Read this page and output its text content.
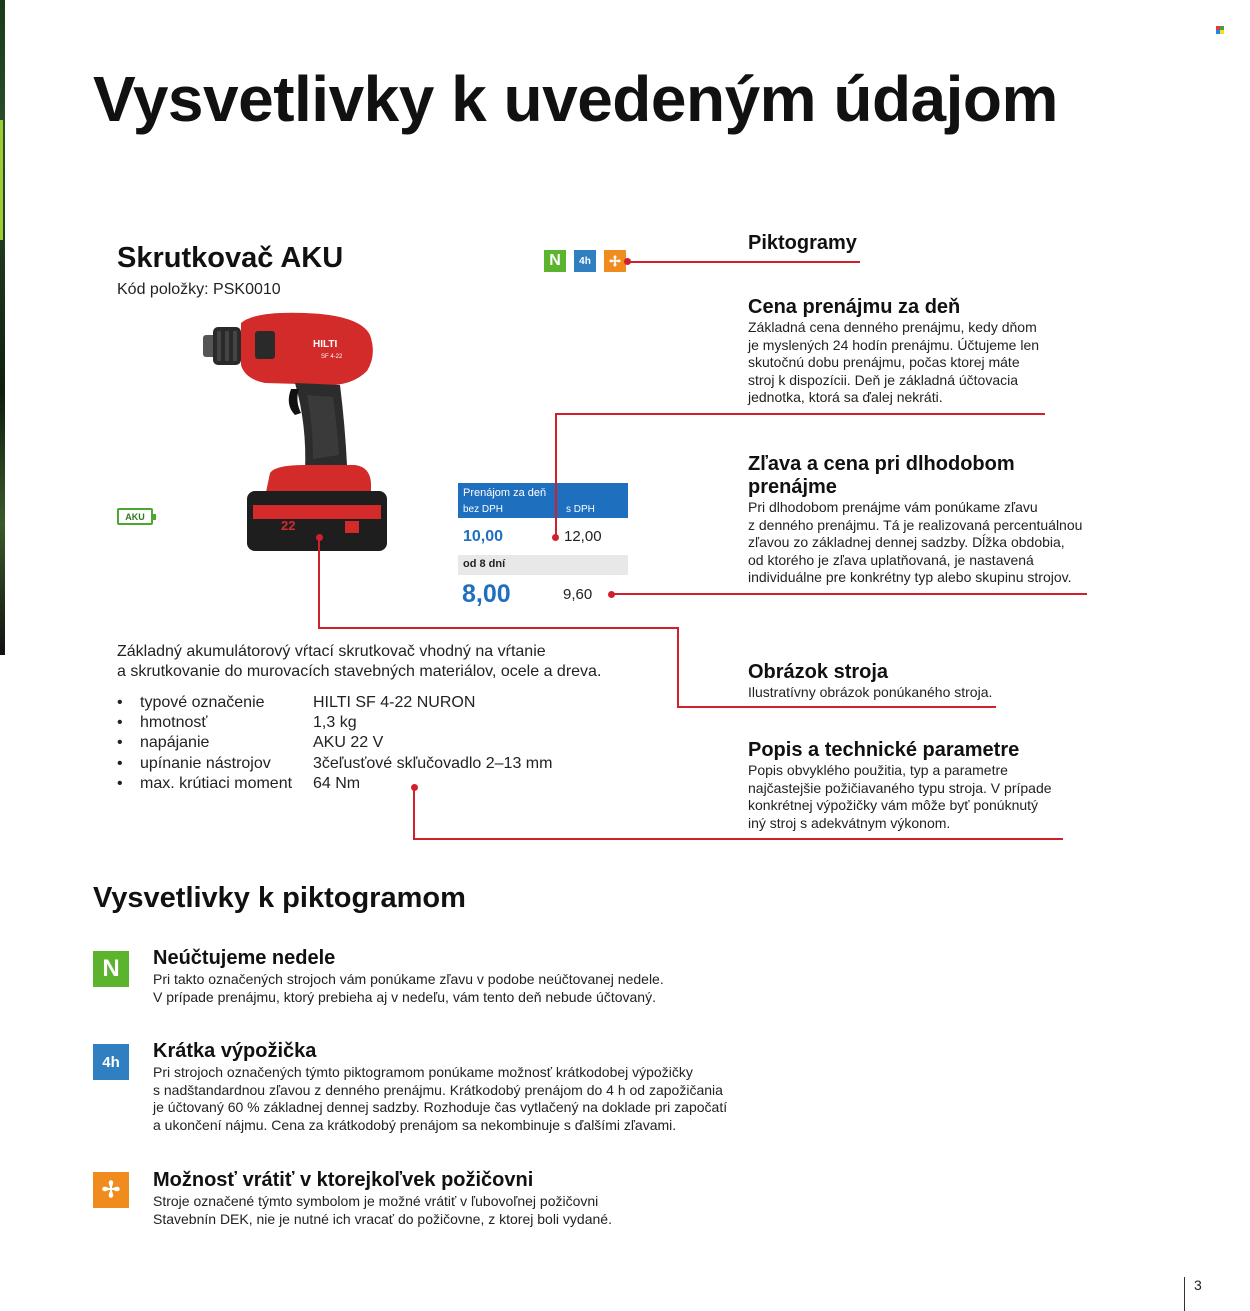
Vysvetlivky k uvedeným údajom
Skrutkovač AKU
Kód položky: PSK0010
N	4h	✢
HILTI
SF 4-22
22
AKU
Prenájom za deň
bez DPH	s DPH
10,00	12,00
od 8 dní
8,00	9,60
Základný akumulátorový vŕtací skrutkovač vhodný na vŕtanie
a skrutkovanie do murovacích stavebných materiálov, ocele a dreva.
• typové označenie	HILTI SF 4-22 NURON
• hmotnosť	1,3 kg
• napájanie	AKU 22 V
• upínanie nástrojov	3čeľusťové skľučovadlo 2–13 mm
• max. krútiaci moment 64 Nm
Piktogramy
Cena prenájmu za deň
Základná cena denného prenájmu, kedy dňom
je myslených 24 hodín prenájmu. Účtujeme len
skutočnú dobu prenájmu, počas ktorej máte
stroj k dispozícii. Deň je základná účtovacia
jednotka, ktorá sa ďalej nekráti.
Zľava a cena pri dlhodobom
prenájme
Pri dlhodobom prenájme vám ponúkame zľavu
z denného prenájmu. Tá je realizovaná percentuálnou
zľavou zo základnej dennej sadzby. Dĺžka obdobia,
od ktorého je zľava uplatňovaná, je nastavená
individuálne pre konkrétny typ alebo skupinu strojov.
Obrázok stroja
Ilustratívny obrázok ponúkaného stroja.
Popis a technické parametre
Popis obvyklého použitia, typ a parametre
najčastejšie požičiavaného typu stroja. V prípade
konkrétnej výpožičky vám môže byť ponúknutý
iný stroj s adekvátnym výkonom.
Vysvetlivky k piktogramom
N	Neúčtujeme nedele
Pri takto označených strojoch vám ponúkame zľavu v podobe neúčtovanej nedele.
V prípade prenájmu, ktorý prebieha aj v nedeľu, vám tento deň nebude účtovaný.
4h	Krátka výpožička
Pri strojoch označených týmto piktogramom ponúkame možnosť krátkodobej výpožičky
s nadštandardnou zľavou z denného prenájmu. Krátkodobý prenájom do 4 h od zapožičania
je účtovaný 60 % základnej dennej sadzby. Rozhoduje čas vytlačený na doklade pri započatí
a ukončení nájmu. Cena za krátkodobý prenájom sa nekombinuje s ďalšími zľavami.
✢	Možnosť vrátiť v ktorejkoľvek požičovni
Stroje označené týmto symbolom je možné vrátiť v ľubovoľnej požičovni
Stavebnín DEK, nie je nutné ich vracať do požičovne, z ktorej boli vydané.
3
